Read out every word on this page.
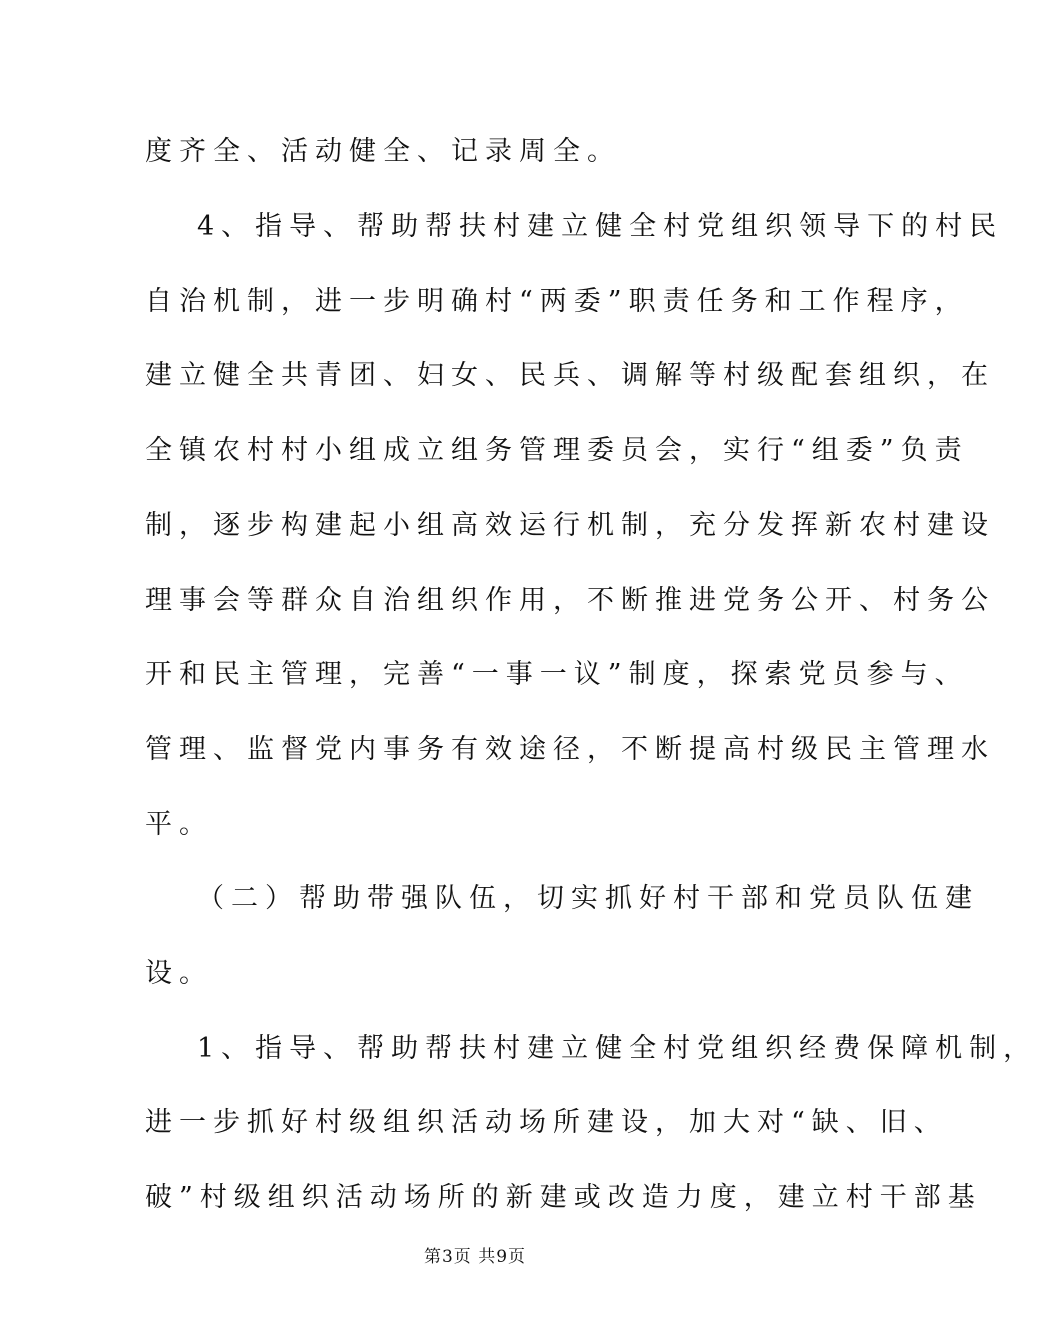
度齐全、活动健全、记录周全。
4、指导、帮助帮扶村建立健全村党组织领导下的村民
自治机制，进一步明确村“两委”职责任务和工作程序，
建立健全共青团、妇女、民兵、调解等村级配套组织，在
全镇农村村小组成立组务管理委员会，实行“组委”负责
制，逐步构建起小组高效运行机制，充分发挥新农村建设
理事会等群众自治组织作用，不断推进党务公开、村务公
开和民主管理，完善“一事一议”制度，探索党员参与、
管理、监督党内事务有效途径，不断提高村级民主管理水
平。
（二）帮助带强队伍，切实抓好村干部和党员队伍建
设。
1、指导、帮助帮扶村建立健全村党组织经费保障机制，
进一步抓好村级组织活动场所建设，加大对“缺、旧、
破”村级组织活动场所的新建或改造力度，建立村干部基
第3页 共9页
